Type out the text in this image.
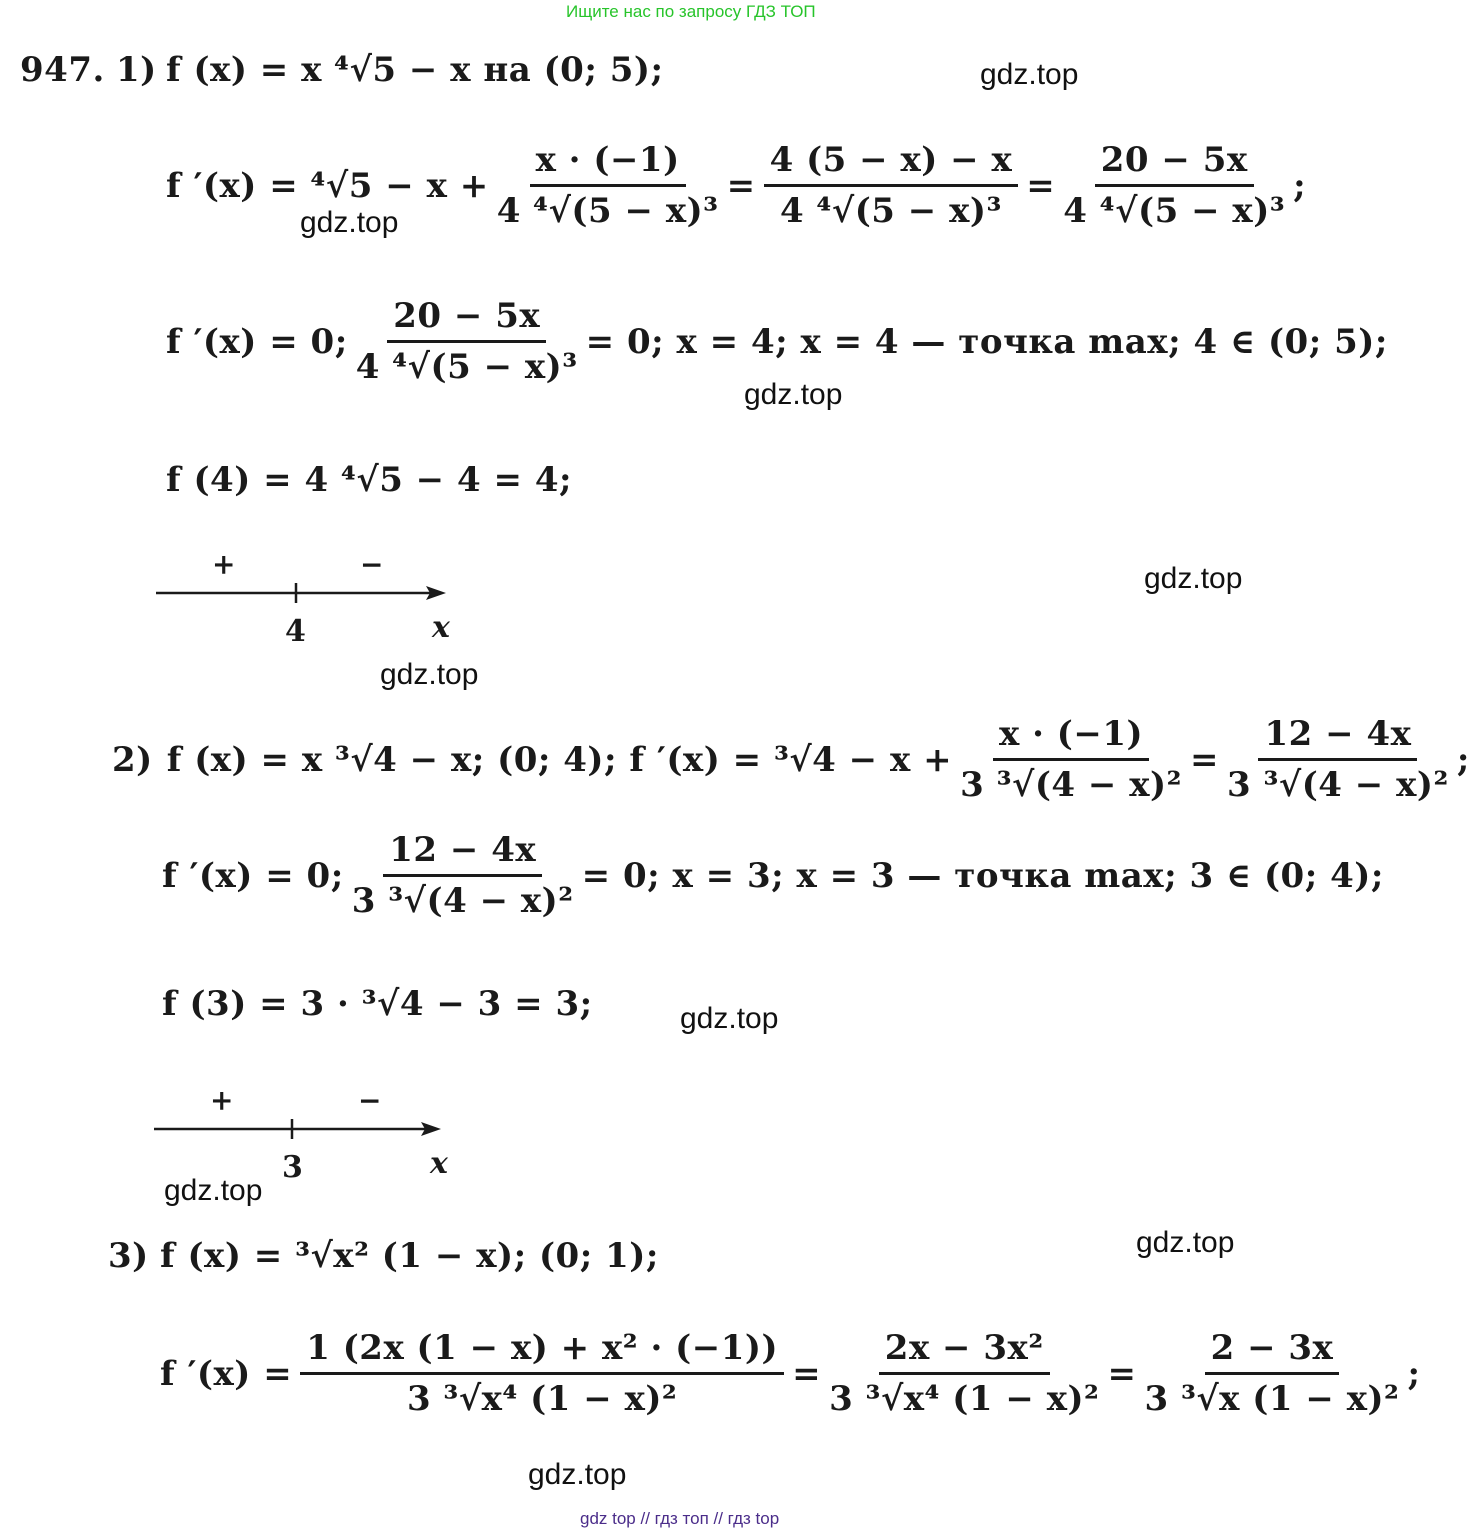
Ищите нас по запросу ГДЗ ТОП
947. 1) f (x) = x ⁴√5 − x на (0; 5);
f $'(x) = ^4√5 - x + \frac{x \cdot (-1)}{\text{4 ⁴√(5 − x)³}} = \frac{4 (5 - x) - x}{\text{4 ⁴√(5 − x)³}} = \frac{20 - 5x}{\text{4 ⁴√(5 − x)³}}$ ;
f ′(x) = 0; $\frac{20 - 5x}{\text{4 ⁴√(5 − x)³}} = 0$; x = 4; x = 4 — точка max; 4 ∈ (0; 5);
f (4) = 4 ⁴√5 − 4 = 4;
+	−
4	x
2) f (x) = x ³√4 − x; (0; 4); f $'(x) = ^3√4 - x + \frac{x \cdot (-1)}{\text{3 ³√(4 − x)²}} = \frac{12 - 4x}{\text{3 ³√(4 − x)²}}$ ;
f ′(x) = 0; $\frac{12 - 4x}{\text{3 ³√(4 − x)²}} = 0$; x = 3; x = 3 — точка max; 3 ∈ (0; 4);
f (3) = 3 · ³√4 − 3 = 3;
+	−
3	x
3) f (x) = ³√x² (1 − x); (0; 1);
f $'(x) = \frac{\text{1 (2x (1 − x) + x² · (−1))}}{\text{3 ³√x⁴ (1 − x)²}} = \frac{\text{2x − 3x²}}{\text{3 ³√x⁴ (1 − x)²}} = \frac{2 - 3x}{\text{3 ³√x (1 − x)²}}$ ;
gdz.top
gdz.top
gdz.top
gdz.top
gdz.top
gdz.top
gdz.top
gdz.top
gdz.top
gdz top // гдз топ // гдз top
